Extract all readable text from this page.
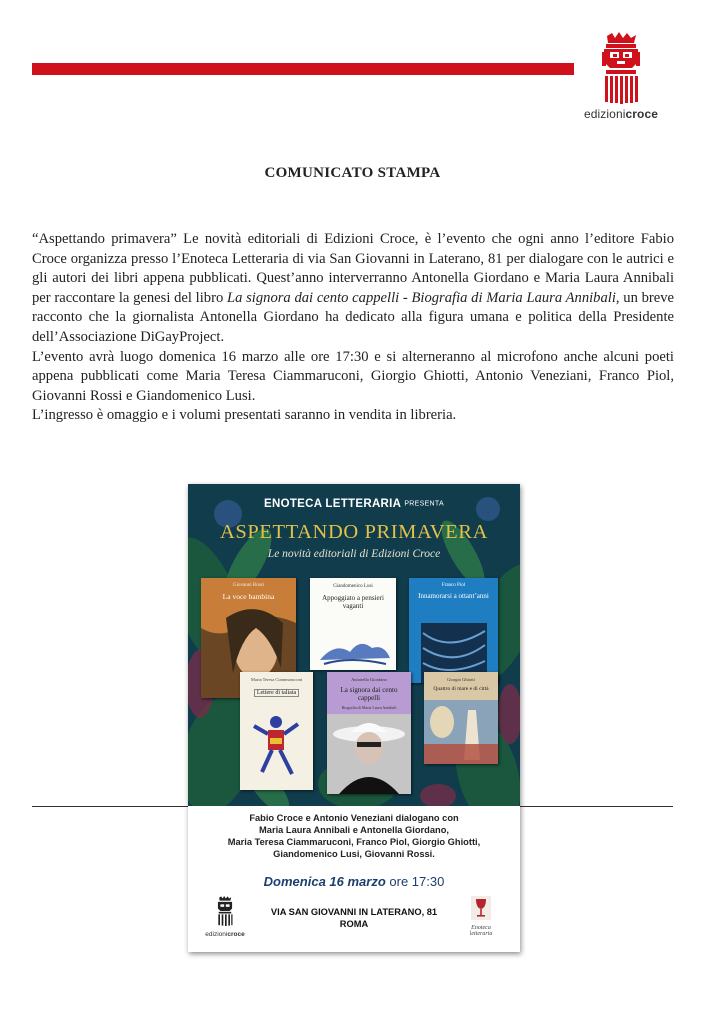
edizionicroce
COMUNICATO STAMPA

“Aspettando primavera” Le novità editoriali di Edizioni Croce, è l’evento che ogni anno l’editore Fabio Croce organizza presso l’Enoteca Letteraria di via San Giovanni in Laterano, 81 per dialogare con le autrici e gli autori dei libri appena pubblicati. Quest’anno interverranno Antonella Giordano e Maria Laura Annibali per raccontare la genesi del libro La signora dai cento cappelli - Biografia di Maria Laura Annibali, un breve racconto che la giornalista Antonella Giordano ha dedicato alla figura umana e politica della Presidente dell’Associazione DiGayProject.

L’evento avrà luogo domenica 16 marzo alle ore 17:30 e si alterneranno al microfono anche alcuni poeti appena pubblicati come Maria Teresa Ciammaruconi, Giorgio Ghiotti, Antonio Veneziani, Franco Piol, Giovanni Rossi e Giandomenico Lusi.

L’ingresso è omaggio e i volumi presentati saranno in vendita in libreria.

ENOTECA LETTERARIA PRESENTA
ASPETTANDO PRIMAVERA
Le novità editoriali di Edizioni Croce
Giovanni Rossi
La voce bambina
Giandomenico Lusi
Appoggiato a pensieri vaganti
Franco Piol
Innamorarsi a ottant’anni
Maria Teresa Ciammaruconi
Lettere di taliata
Antonella Giordano
La signora dai cento cappelli
Biografia di Maria Laura Annibali
Giorgio Ghiotti
Quattro di mare e di città
Fabio Croce e Antonio Veneziani dialogano con
Maria Laura Annibali e Antonella Giordano,
Maria Teresa Ciammaruconi, Franco Piol, Giorgio Ghiotti,
Giandomenico Lusi, Giovanni Rossi.
Domenica 16 marzo ore 17:30
edizionicroce
VIA SAN GIOVANNI IN LATERANO, 81
ROMA	Enoteca letteraria
